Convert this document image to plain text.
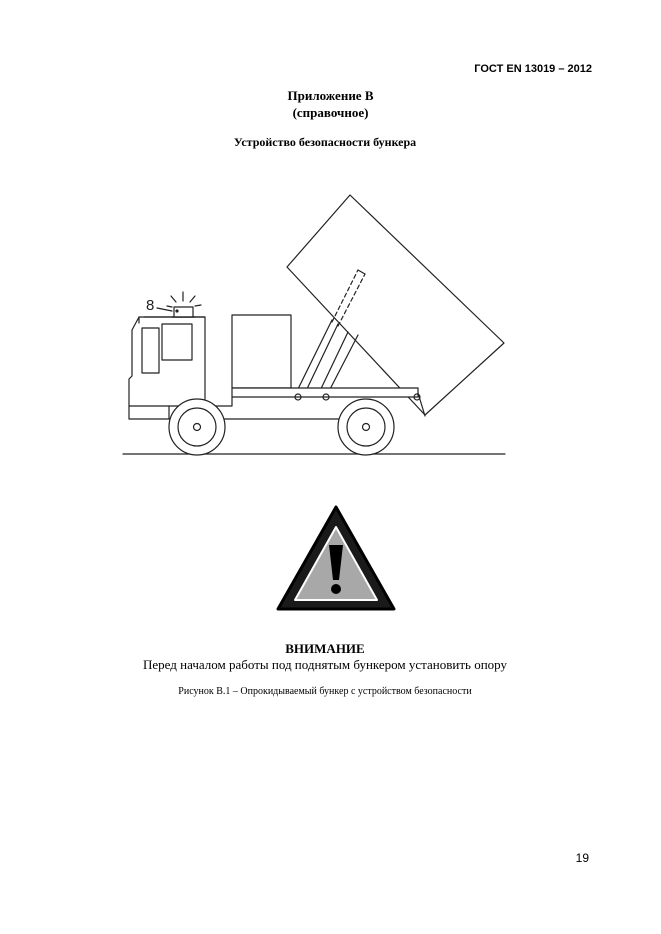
ГОСТ EN 13019 – 2012
Приложение В
(справочное)
Устройство безопасности бункера
8
ВНИМАНИЕ
Перед началом работы под поднятым бункером установить опору
Рисунок В.1 – Опрокидываемый бункер с устройством безопасности
19
